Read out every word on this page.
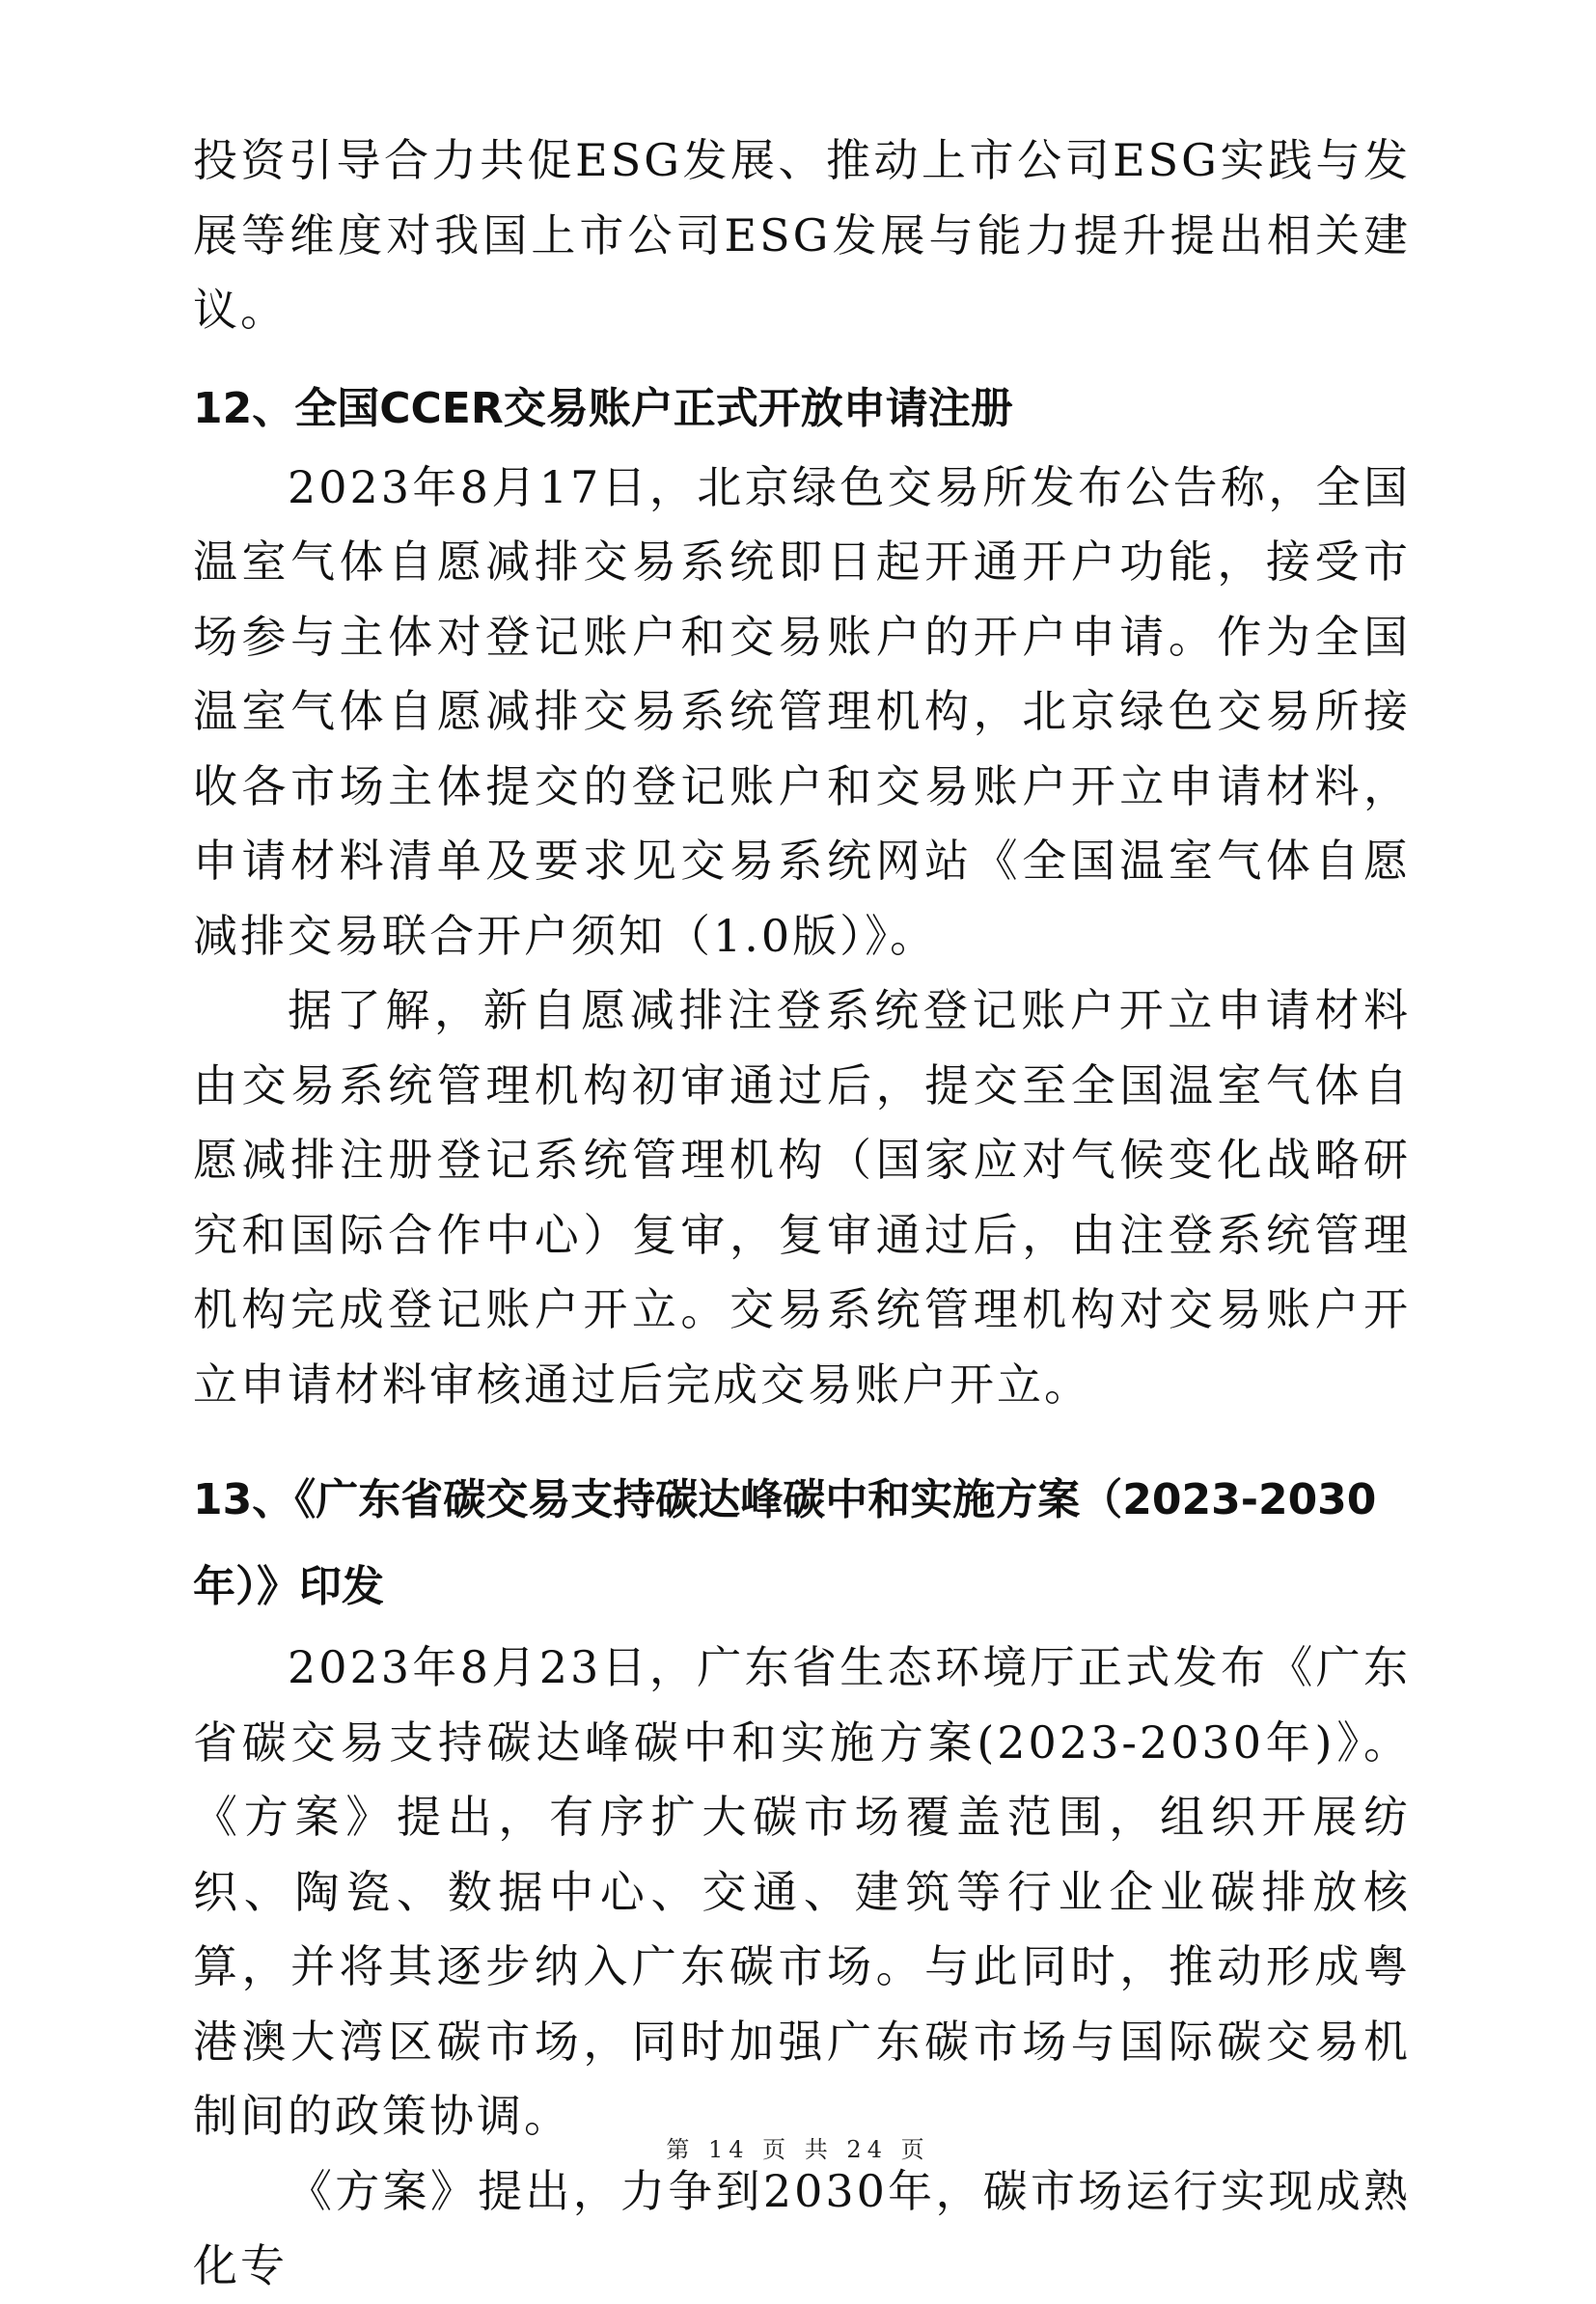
投资引导合力共促ESG发展、推动上市公司ESG实践与发展等维度对我国上市公司ESG发展与能力提升提出相关建议。

12、全国CCER交易账户正式开放申请注册

2023年8月17日，北京绿色交易所发布公告称，全国温室气体自愿减排交易系统即日起开通开户功能，接受市场参与主体对登记账户和交易账户的开户申请。作为全国温室气体自愿减排交易系统管理机构，北京绿色交易所接收各市场主体提交的登记账户和交易账户开立申请材料，申请材料清单及要求见交易系统网站《全国温室气体自愿减排交易联合开户须知（1.0版）》。

据了解，新自愿减排注登系统登记账户开立申请材料由交易系统管理机构初审通过后，提交至全国温室气体自愿减排注册登记系统管理机构（国家应对气候变化战略研究和国际合作中心）复审，复审通过后，由注登系统管理机构完成登记账户开立。交易系统管理机构对交易账户开立申请材料审核通过后完成交易账户开立。

13、《广东省碳交易支持碳达峰碳中和实施方案（2023-2030年）》印发

2023年8月23日，广东省生态环境厅正式发布《广东省碳交易支持碳达峰碳中和实施方案(2023-2030年)》。《方案》提出，有序扩大碳市场覆盖范围，组织开展纺织、陶瓷、数据中心、交通、建筑等行业企业碳排放核算，并将其逐步纳入广东碳市场。与此同时，推动形成粤港澳大湾区碳市场，同时加强广东碳市场与国际碳交易机制间的政策协调。

《方案》提出，力争到2030年，碳市场运行实现成熟化专

第 14 页 共 24 页
